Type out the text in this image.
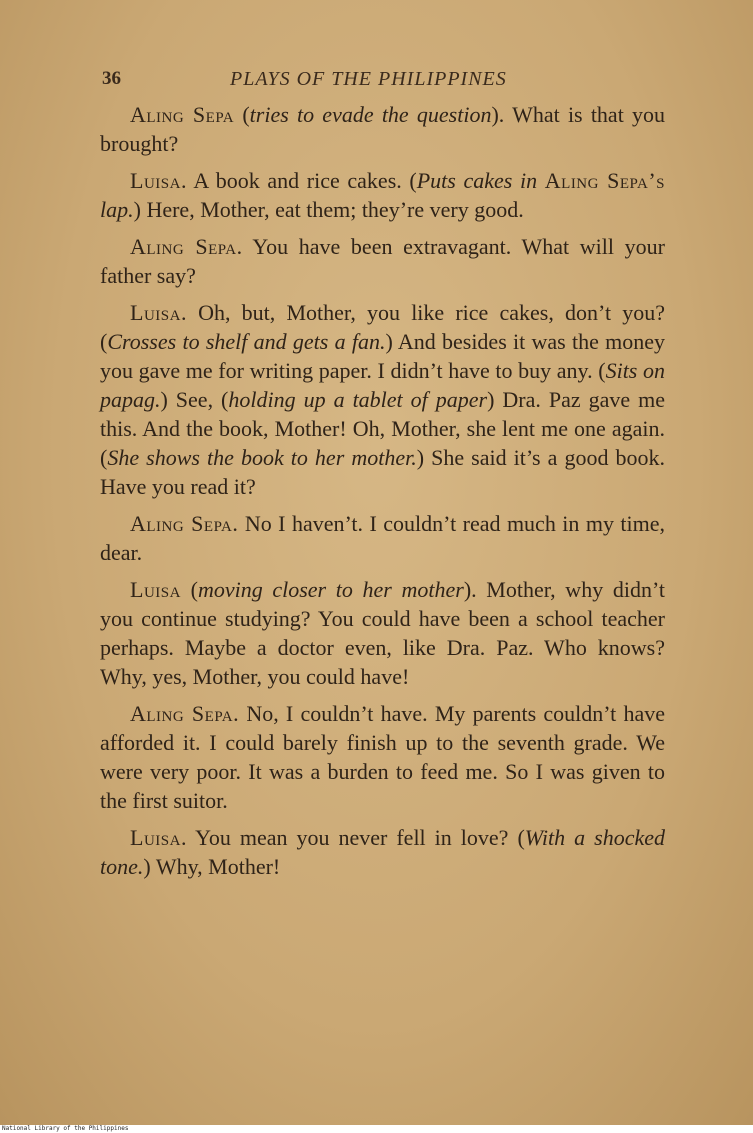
36	PLAYS OF THE PHILIPPINES

Aling Sepa (tries to evade the question). What is that you brought?

Luisa. A book and rice cakes. (Puts cakes in Aling Sepa’s lap.) Here, Mother, eat them; they’re very good.

Aling Sepa. You have been extravagant. What will your father say?

Luisa. Oh, but, Mother, you like rice cakes, don’t you? (Crosses to shelf and gets a fan.) And besides it was the money you gave me for writing paper. I didn’t have to buy any. (Sits on papag.) See, (holding up a tablet of paper) Dra. Paz gave me this. And the book, Mother! Oh, Mother, she lent me one again. (She shows the book to her mother.) She said it’s a good book. Have you read it?

Aling Sepa. No I haven’t. I couldn’t read much in my time, dear.

Luisa (moving closer to her mother). Mother, why didn’t you continue studying? You could have been a school teacher perhaps. Maybe a doctor even, like Dra. Paz. Who knows? Why, yes, Mother, you could have!

Aling Sepa. No, I couldn’t have. My parents couldn’t have afforded it. I could barely finish up to the seventh grade. We were very poor. It was a burden to feed me. So I was given to the first suitor.

Luisa. You mean you never fell in love? (With a shocked tone.) Why, Mother!

National Library of the Philippines
